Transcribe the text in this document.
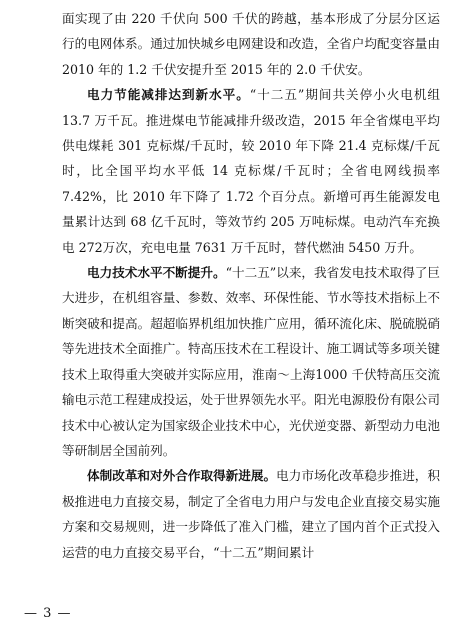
面实现了由 220 千伏向 500 千伏的跨越，基本形成了分层分区运行的电网体系。通过加快城乡电网建设和改造，全省户均配变容量由2010 年的 1.2 千伏安提升至 2015 年的 2.0 千伏安。

电力节能减排达到新水平。“十二五”期间共关停小火电机组13.7 万千瓦。推进煤电节能减排升级改造，2015 年全省煤电平均供电煤耗 301 克标煤/千瓦时，较 2010 年下降 21.4 克标煤/千瓦时，比全国平均水平低 14 克标煤/千瓦时；全省电网线损率 7.42%，比 2010 年下降了 1.72 个百分点。新增可再生能源发电量累计达到 68 亿千瓦时，等效节约 205 万吨标煤。电动汽车充换电 272万次，充电电量 7631 万千瓦时，替代燃油 5450 万升。

电力技术水平不断提升。“十二五”以来，我省发电技术取得了巨大进步，在机组容量、参数、效率、环保性能、节水等技术指标上不断突破和提高。超超临界机组加快推广应用，循环流化床、脱硫脱硝等先进技术全面推广。特高压技术在工程设计、施工调试等多项关键技术上取得重大突破并实际应用，淮南～上海1000 千伏特高压交流输电示范工程建成投运，处于世界领先水平。阳光电源股份有限公司技术中心被认定为国家级企业技术中心，光伏逆变器、新型动力电池等研制居全国前列。

体制改革和对外合作取得新进展。电力市场化改革稳步推进，积极推进电力直接交易，制定了全省电力用户与发电企业直接交易实施方案和交易规则，进一步降低了准入门槛，建立了国内首个正式投入运营的电力直接交易平台，“十二五”期间累计

— 3 —
